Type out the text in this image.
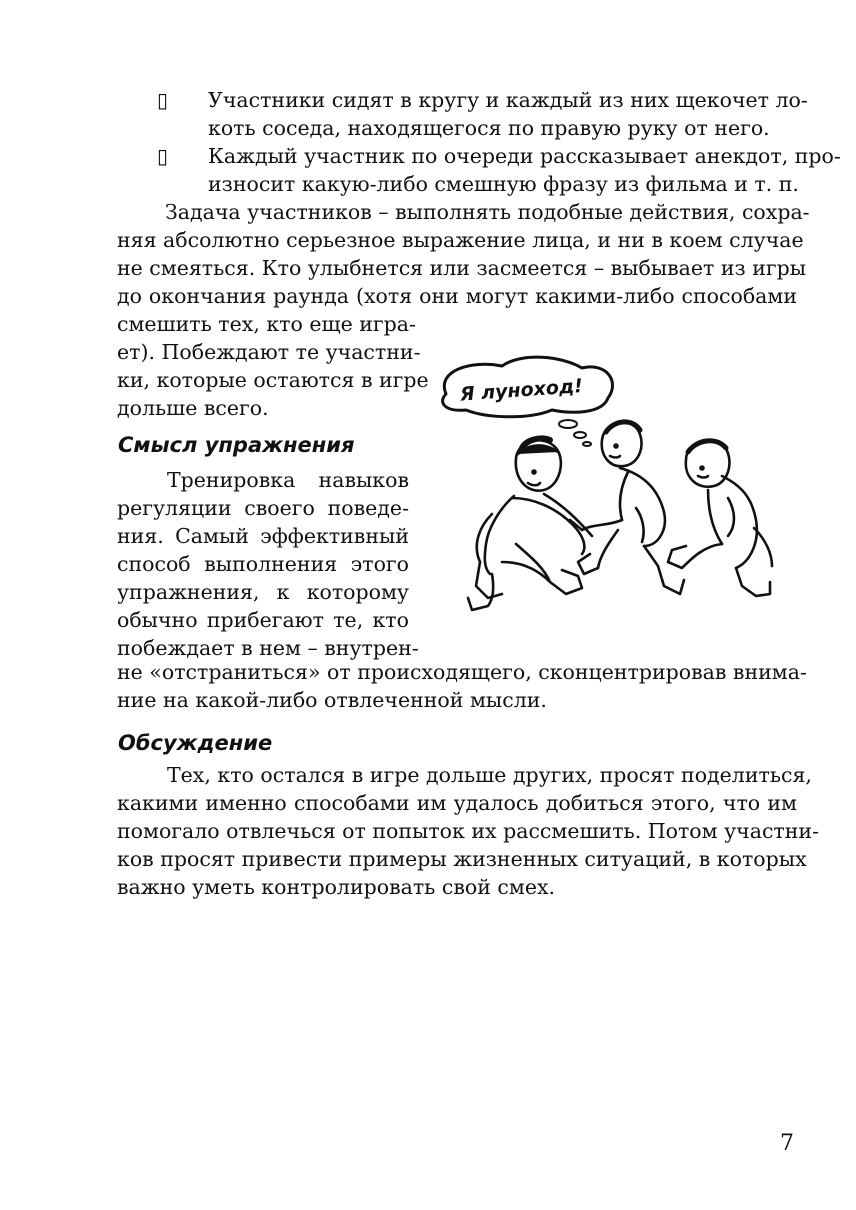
▯ Участники сидят в кругу и каждый из них щекочет ло-
коть соседа, находящегося по правую руку от него.
▯ Каждый участник по очереди рассказывает анекдот, про-
износит какую-либо смешную фразу из фильма и т. п.
Задача участников – выполнять подобные действия, сохра-
няя абсолютно серьезное выражение лица, и ни в коем случае
не смеяться. Кто улыбнется или засмеется – выбывает из игры
до окончания раунда (хотя они могут какими-либо способами
смешить тех, кто еще игра-
ет). Побеждают те участни-
ки, которые остаются в игре
дольше всего.
Смысл упражнения
Тренировка навыков
регуляции своего поведе-
ния. Самый эффективный
способ выполнения этого
упражнения, к которому
обычно прибегают те, кто
побеждает в нем – внутрен-
не «отстраниться» от происходящего, сконцентрировав внима-
ние на какой-либо отвлеченной мысли.
Я луноход!
Обсуждение
Тех, кто остался в игре дольше других, просят поделиться,
какими именно способами им удалось добиться этого, что им
помогало отвлечься от попыток их рассмешить. Потом участни-
ков просят привести примеры жизненных ситуаций, в которых
важно уметь контролировать свой смех.
7
